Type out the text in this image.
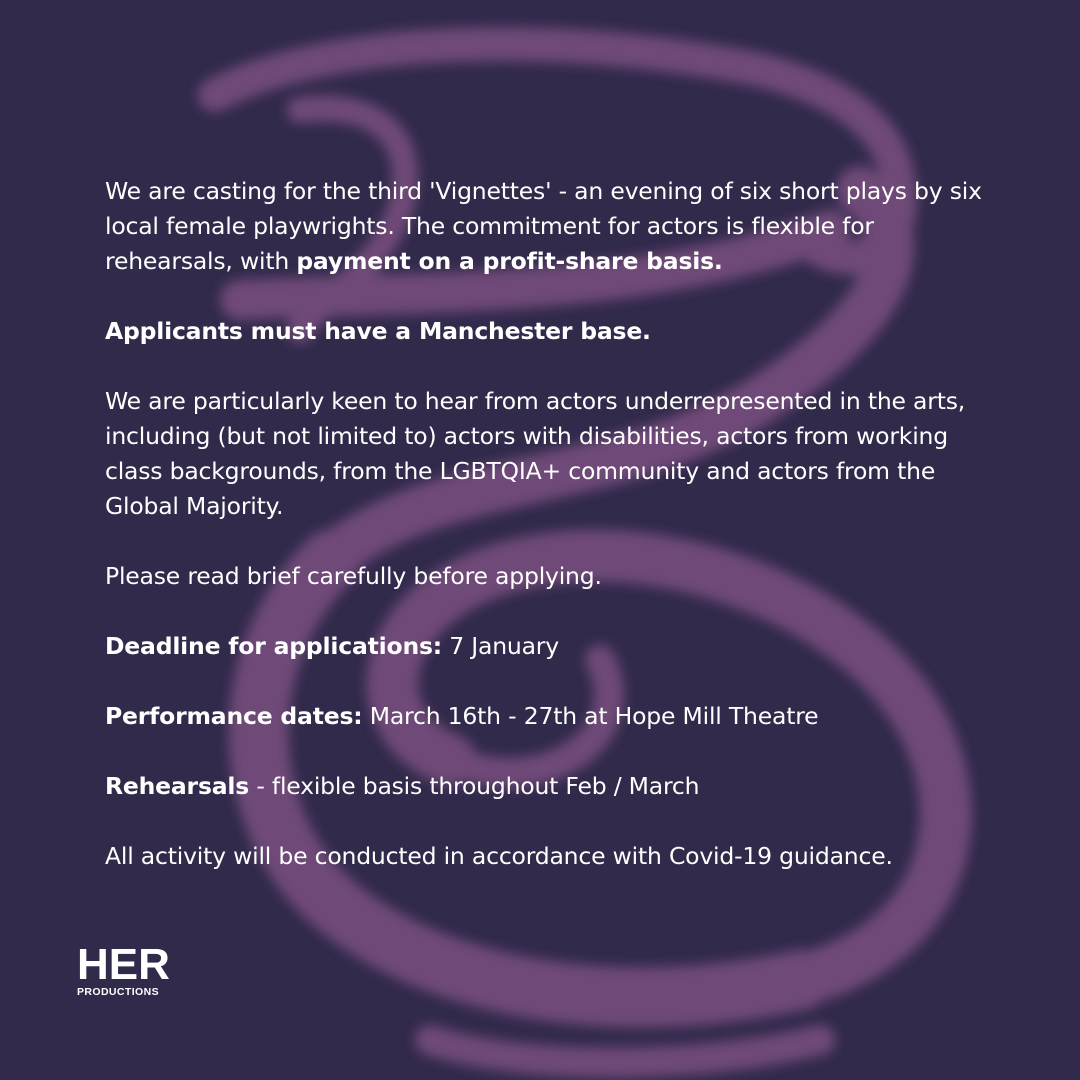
We are casting for the third 'Vignettes' - an evening of six short plays by six local female playwrights. The commitment for actors is flexible for rehearsals, with payment on a profit-share basis.

Applicants must have a Manchester base.

We are particularly keen to hear from actors underrepresented in the arts, including (but not limited to) actors with disabilities, actors from working class backgrounds, from the LGBTQIA+ community and actors from the Global Majority.

Please read brief carefully before applying.

Deadline for applications: 7 January

Performance dates: March 16th - 27th at Hope Mill Theatre

Rehearsals - flexible basis throughout Feb / March

All activity will be conducted in accordance with Covid-19 guidance.

HER
PRODUCTIONS
